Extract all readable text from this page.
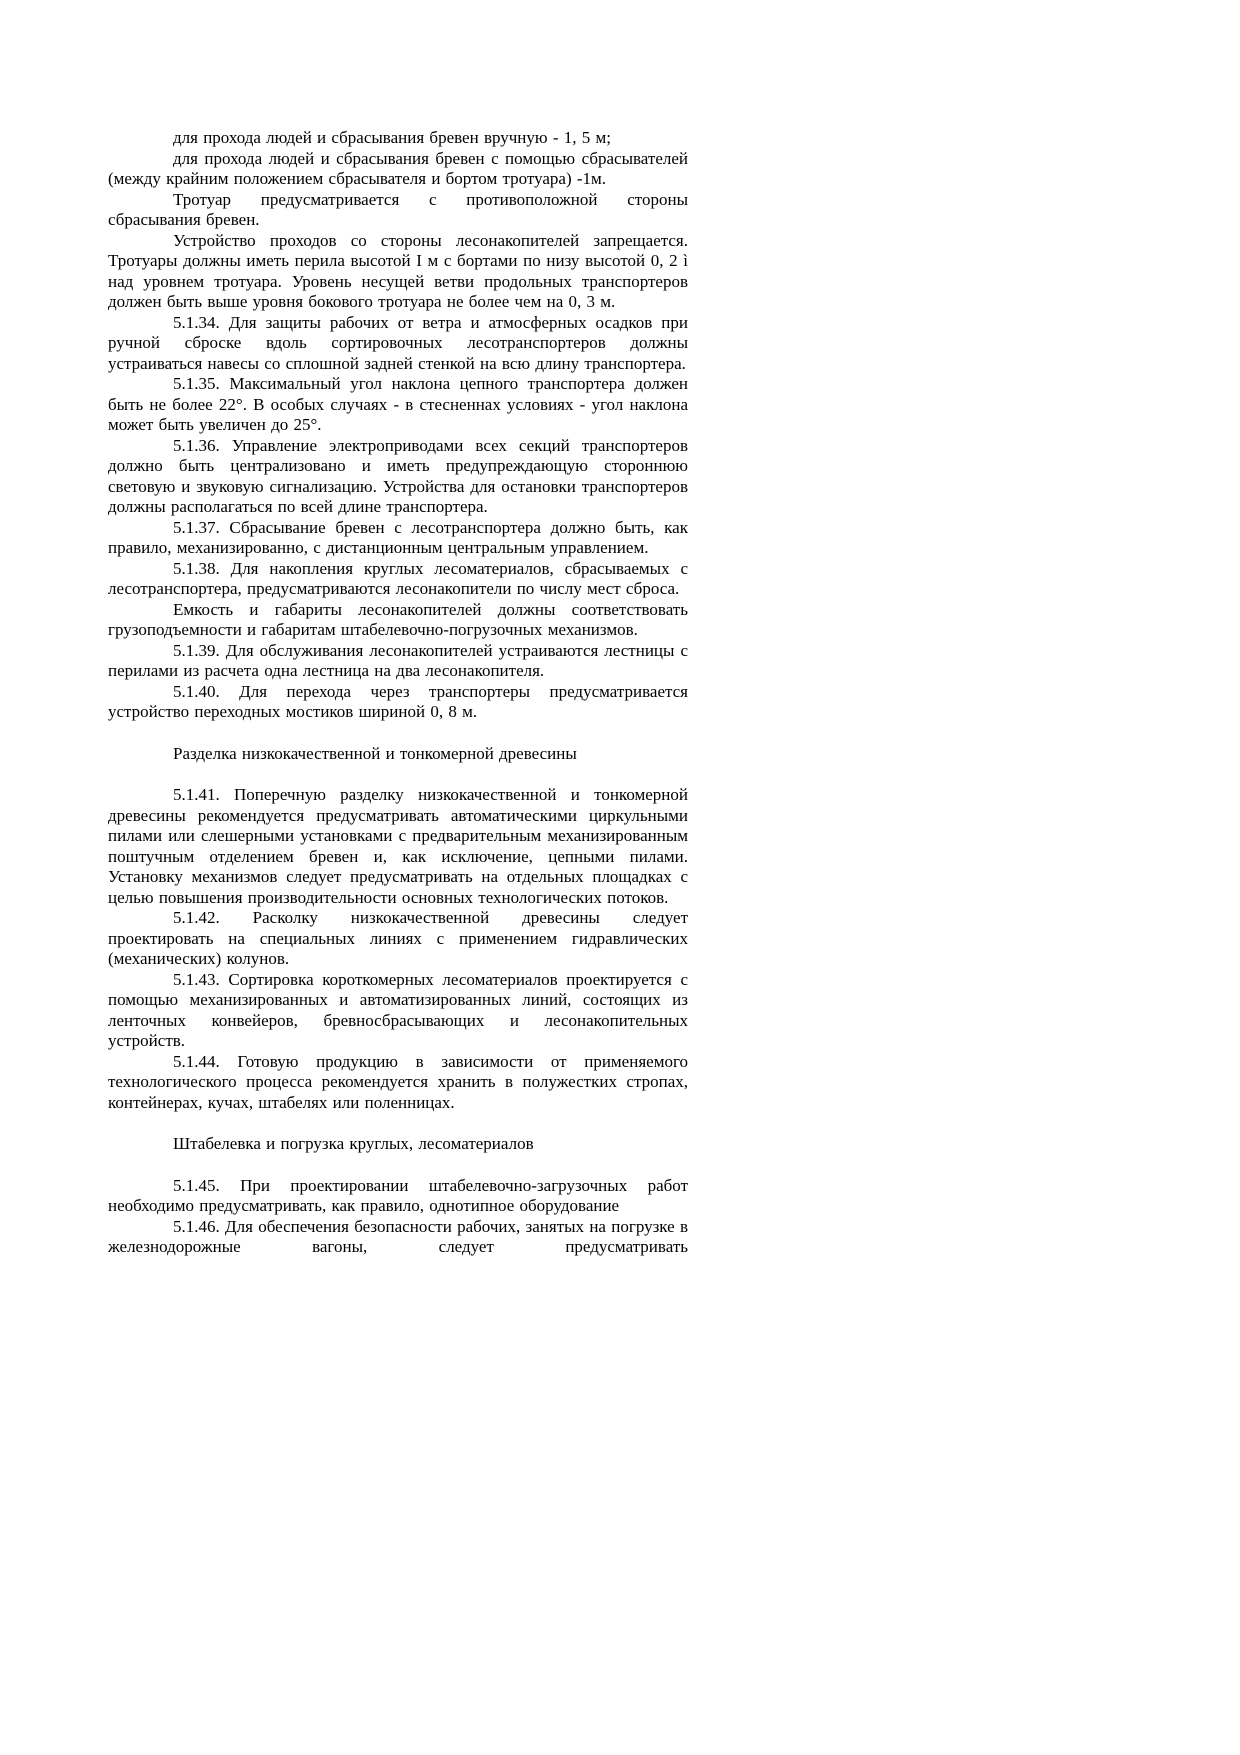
для прохода людей и сбрасывания бревен вручную - 1, 5 м;

для прохода людей и сбрасывания бревен с помощью сбрасывателей (между крайним положением сбрасывателя и бортом тротуара) -1м.

Тротуар предусматривается с противоположной стороны сбрасывания бревен.

Устройство проходов со стороны лесонакопителей запрещается. Тротуары должны иметь перила высотой I м с бортами по низу высотой 0, 2 ì над уровнем тротуара. Уровень несущей ветви продольных транспортеров должен быть выше уровня бокового тротуара не более чем на 0, 3 м.

5.1.34. Для защиты рабочих от ветра и атмосферных осадков при ручной сброске вдоль сортировочных лесотранспортеров должны устраиваться навесы со сплошной задней стенкой на всю длину транспортера.

5.1.35. Максимальный угол наклона цепного транспортера должен быть не более 22°. В особых случаях - в стесненнах условиях - угол наклона может быть увеличен до 25°.

5.1.36. Управление электроприводами всех секций транспортеров должно быть централизовано и иметь предупреждающую стороннюю световую и звуковую сигнализацию. Устройства для остановки транспортеров должны располагаться по всей длине транспортера.

5.1.37. Сбрасывание бревен с лесотранспортера должно быть, как правило, механизированно, с дистанционным центральным управлением.

5.1.38. Для накопления круглых лесоматериалов, сбрасываемых с лесотранспортера, предусматриваются лесонакопители по числу мест сброса.

Емкость и габариты лесонакопителей должны соответствовать грузоподъемности и габаритам штабелевочно-погрузочных механизмов.

5.1.39. Для обслуживания лесонакопителей устраиваются лестницы с перилами из расчета одна лестница на два лесонакопителя.

5.1.40. Для перехода через транспортеры предусматривается устройство переходных мостиков шириной 0, 8 м.

Разделка низкокачественной и тонкомерной древесины

5.1.41. Поперечную разделку низкокачественной и тонкомерной древесины рекомендуется предусматривать автоматическими циркульными пилами или слешерными установками с предварительным механизированным поштучным отделением бревен и, как исключение, цепными пилами. Установку механизмов следует предусматривать на отдельных площадках с целью повышения производительности основных технологических потоков.

5.1.42. Расколку низкокачественной древесины следует проектировать на специальных линиях с применением гидравлических (механических) колунов.

5.1.43. Сортировка короткомерных лесоматериалов проектируется с помощью механизированных и автоматизированных линий, состоящих из ленточных конвейеров, бревносбрасывающих и лесонакопительных устройств.

5.1.44. Готовую продукцию в зависимости от применяемого технологического процесса рекомендуется хранить в полужестких стропах, контейнерах, кучах, штабелях или поленницах.

Штабелевка и погрузка круглых, лесоматериалов

5.1.45. При проектировании штабелевочно-загрузочных работ необходимо предусматривать, как правило, однотипное оборудование

5.1.46. Для обеспечения безопасности рабочих, занятых на погрузке в железнодорожные вагоны, следует предусматривать
